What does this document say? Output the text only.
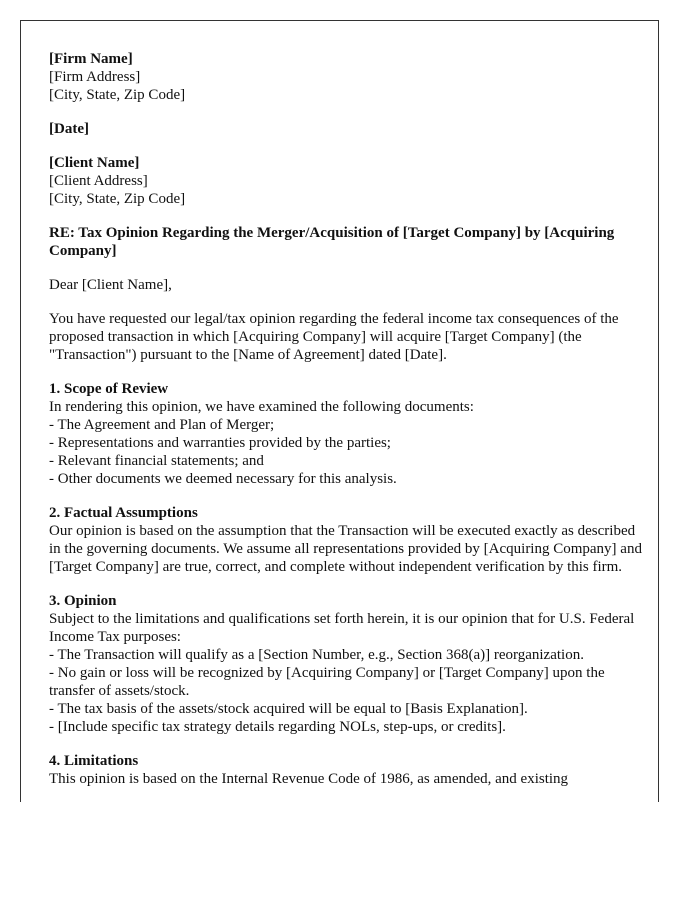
[Firm Name]
[Firm Address]
[City, State, Zip Code]

[Date]

[Client Name]
[Client Address]
[City, State, Zip Code]

RE: Tax Opinion Regarding the Merger/Acquisition of [Target Company] by [Acquiring Company]

Dear [Client Name],

You have requested our legal/tax opinion regarding the federal income tax consequences of the proposed transaction in which [Acquiring Company] will acquire [Target Company] (the "Transaction") pursuant to the [Name of Agreement] dated [Date].

1. Scope of Review
In rendering this opinion, we have examined the following documents:
- The Agreement and Plan of Merger;
- Representations and warranties provided by the parties;
- Relevant financial statements; and
- Other documents we deemed necessary for this analysis.
2. Factual Assumptions
Our opinion is based on the assumption that the Transaction will be executed exactly as described in the governing documents. We assume all representations provided by [Acquiring Company] and [Target Company] are true, correct, and complete without independent verification by this firm.
3. Opinion
Subject to the limitations and qualifications set forth herein, it is our opinion that for U.S. Federal Income Tax purposes:
- The Transaction will qualify as a [Section Number, e.g., Section 368(a)] reorganization.
- No gain or loss will be recognized by [Acquiring Company] or [Target Company] upon the transfer of assets/stock.
- The tax basis of the assets/stock acquired will be equal to [Basis Explanation].
- [Include specific tax strategy details regarding NOLs, step-ups, or credits].
4. Limitations
This opinion is based on the Internal Revenue Code of 1986, as amended, and existing
